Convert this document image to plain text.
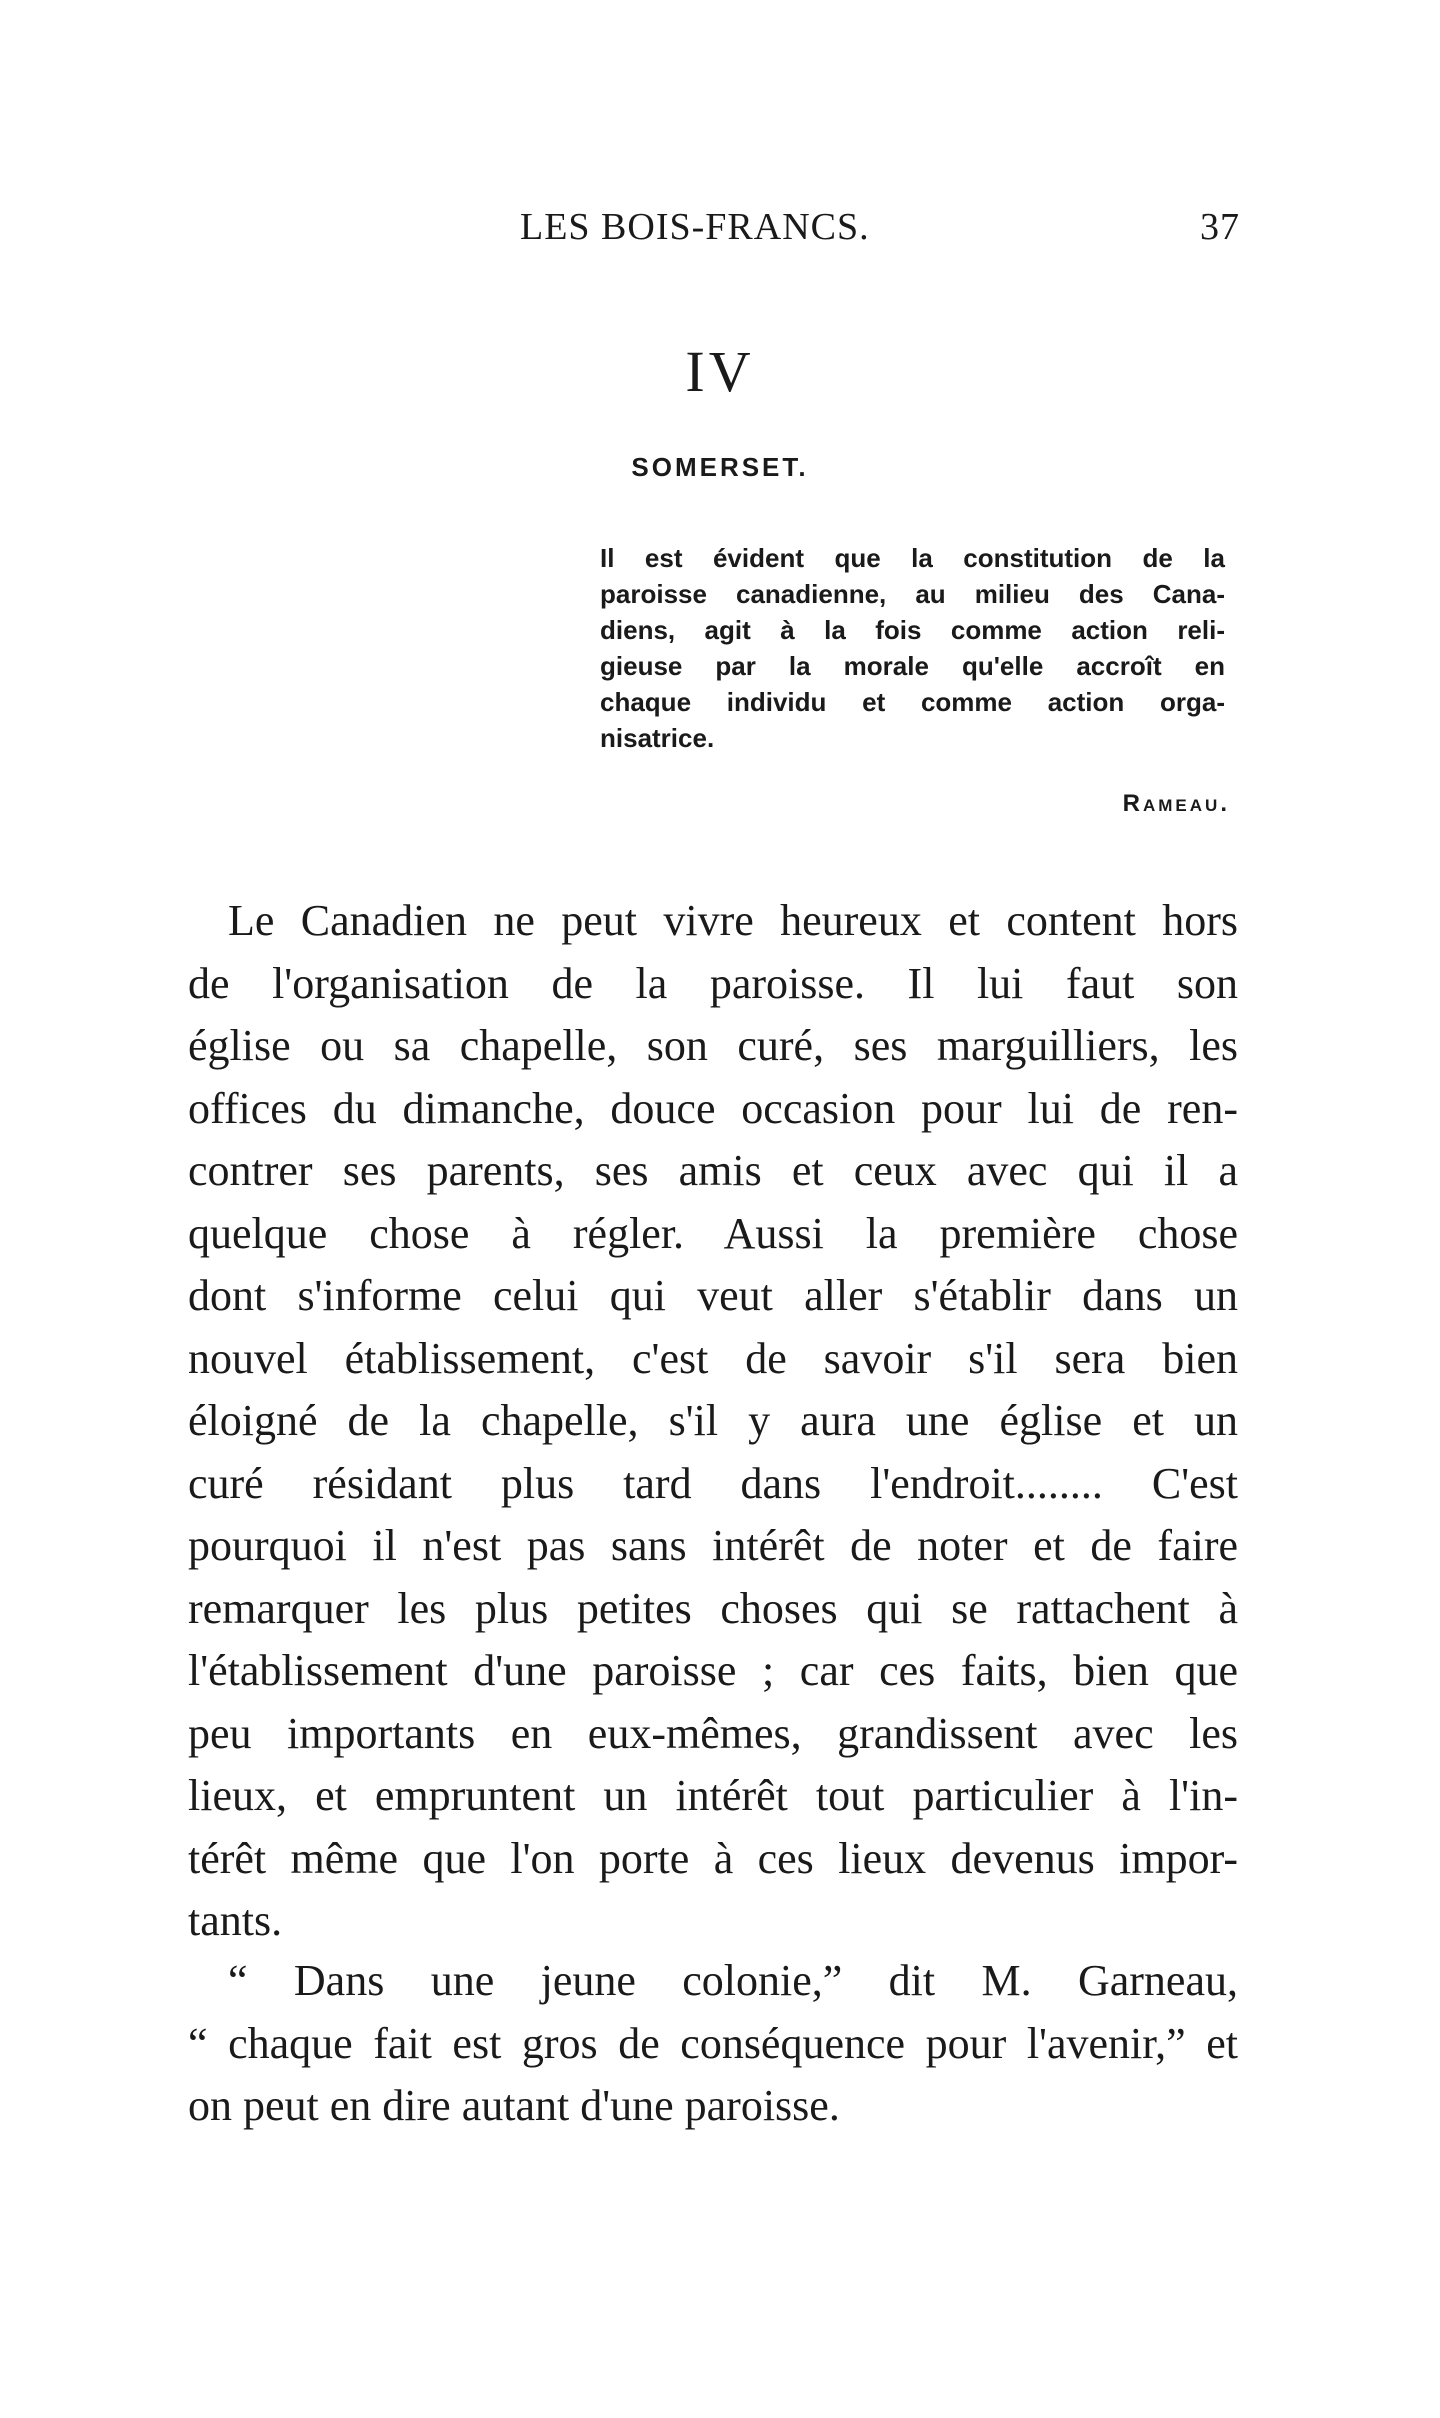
LES BOIS-FRANCS.	37
IV
SOMERSET.
Il est évident que la constitution de la
paroisse canadienne, au milieu des Cana-
diens, agit à la fois comme action reli-
gieuse par la morale qu'elle accroît en
chaque individu et comme action orga-
nisatrice.
Rameau.
Le Canadien ne peut vivre heureux et content hors
de l'organisation de la paroisse. Il lui faut son
église ou sa chapelle, son curé, ses marguilliers, les
offices du dimanche, douce occasion pour lui de ren-
contrer ses parents, ses amis et ceux avec qui il a
quelque chose à régler. Aussi la première chose
dont s'informe celui qui veut aller s'établir dans un
nouvel établissement, c'est de savoir s'il sera bien
éloigné de la chapelle, s'il y aura une église et un
curé résidant plus tard dans l'endroit........ C'est
pourquoi il n'est pas sans intérêt de noter et de faire
remarquer les plus petites choses qui se rattachent à
l'établissement d'une paroisse ; car ces faits, bien que
peu importants en eux-mêmes, grandissent avec les
lieux, et empruntent un intérêt tout particulier à l'in-
térêt même que l'on porte à ces lieux devenus impor-
tants.
“ Dans une jeune colonie,” dit M. Garneau,
“ chaque fait est gros de conséquence pour l'avenir,” et
on peut en dire autant d'une paroisse.
